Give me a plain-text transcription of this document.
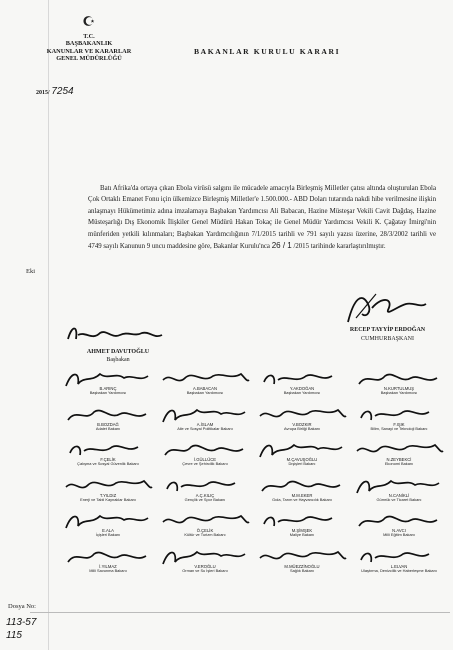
T.C.
BAŞBAKANLIK
KANUNLAR VE KARARLAR
GENEL MÜDÜRLÜĞÜ
BAKANLAR KURULU KARARI
2015/ 7254
Batı Afrika'da ortaya çıkan Ebola virüsü salgını ile mücadele amacıyla Birleşmiş Milletler çatısı altında oluşturulan Ebola Çok Ortaklı Emanet Fonu için ülkemizce Birleşmiş Milletler'e 1.500.000.- ABD Doları tutarında nakdi hibe verilmesine ilişkin anlaşmayı Hükümetimiz adına imzalamaya Başbakan Yardımcısı Ali Babacan, Hazine Müsteşar Vekili Cavit Dağdaş, Hazine Müsteşarlığı Dış Ekonomik İlişkiler Genel Müdürü Hakan Tokaç ile Genel Müdür Yardımcısı Vekili K. Çağatay İmirgi'nin münferiden yetkili kılınmaları; Başbakan Yardımcılığının 7/1/2015 tarihli ve 791 sayılı yazısı üzerine, 28/3/2002 tarihli ve 4749 sayılı Kanunun 9 uncu maddesine göre, Bakanlar Kurulu'nca 26 / 1 /2015 tarihinde kararlaştırılmıştır.
Eki
RECEP TAYYİP ERDOĞAN
CUMHURBAŞKANI
AHMET DAVUTOĞLU
Başbakan
B.ARINÇ
Başbakan Yardımcısı
A.BABACAN
Başbakan Yardımcısı
Y.AKDOĞAN
Başbakan Yardımcısı
N.KURTULMUŞ
Başbakan Yardımcısı
B.BOZDAĞ
Adalet Bakanı
A.İSLAM
Aile ve Sosyal Politikalar Bakanı
V.BOZKIR
Avrupa Birliği Bakanı
F.IŞIK
Bilim, Sanayi ve Teknoloji Bakanı
F.ÇELİK
Çalışma ve Sosyal Güvenlik Bakanı
İ.GÜLLÜCE
Çevre ve Şehircilik Bakanı
M.ÇAVUŞOĞLU
Dışişleri Bakanı
N.ZEYBEKCİ
Ekonomi Bakanı
T.YILDIZ
Enerji ve Tabii Kaynaklar Bakanı
A.Ç.KILIÇ
Gençlik ve Spor Bakanı
M.M.EKER
Gıda, Tarım ve Hayvancılık Bakanı
N.CANİKLİ
Gümrük ve Ticaret Bakanı
E.ALA
İçişleri Bakanı
Ö.ÇELİK
Kültür ve Turizm Bakanı
M.ŞİMŞEK
Maliye Bakanı
N.AVCI
Milli Eğitim Bakanı
İ.YILMAZ
Milli Savunma Bakanı
V.EROĞLU
Orman ve Su İşleri Bakanı
M.MÜEZZİNOĞLU
Sağlık Bakanı
L.ELVAN
Ulaştırma, Denizcilik ve Haberleşme Bakanı
Dosya No:
113-57
115
